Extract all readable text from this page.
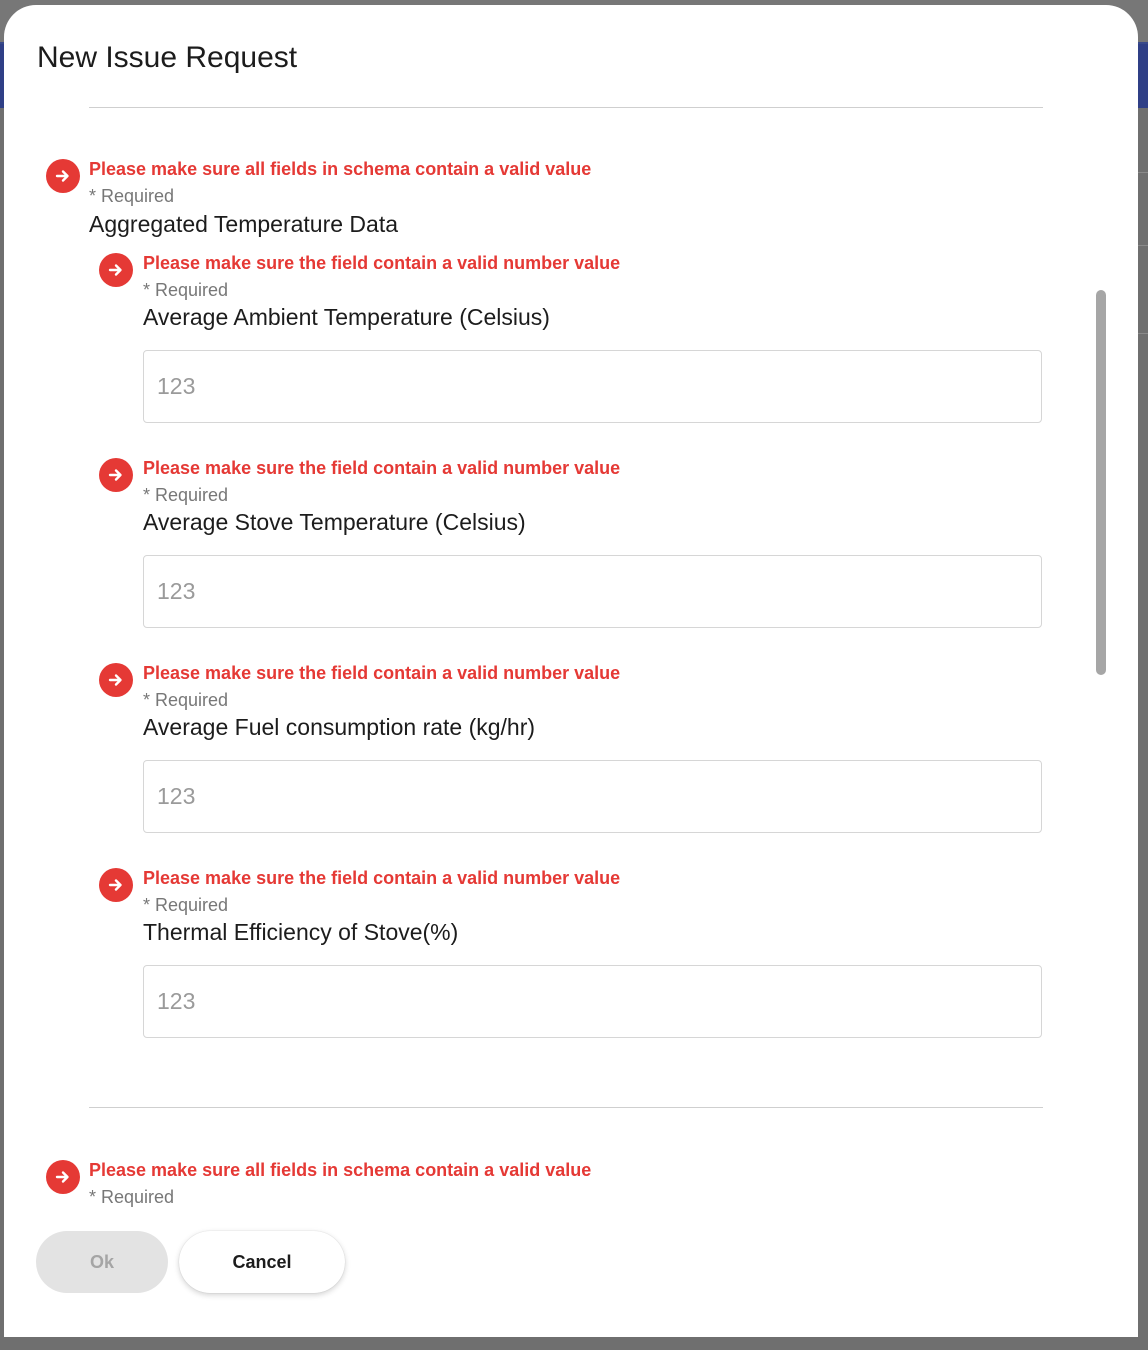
New Issue Request
Please make sure all fields in schema contain a valid value
* Required
Aggregated Temperature Data
Please make sure the field contain a valid number value
* Required
Average Ambient Temperature (Celsius)
123
Please make sure the field contain a valid number value
* Required
Average Stove Temperature (Celsius)
123
Please make sure the field contain a valid number value
* Required
Average Fuel consumption rate (kg/hr)
123
Please make sure the field contain a valid number value
* Required
Thermal Efficiency of Stove(%)
123
Please make sure all fields in schema contain a valid value
* Required
Ok	Cancel
